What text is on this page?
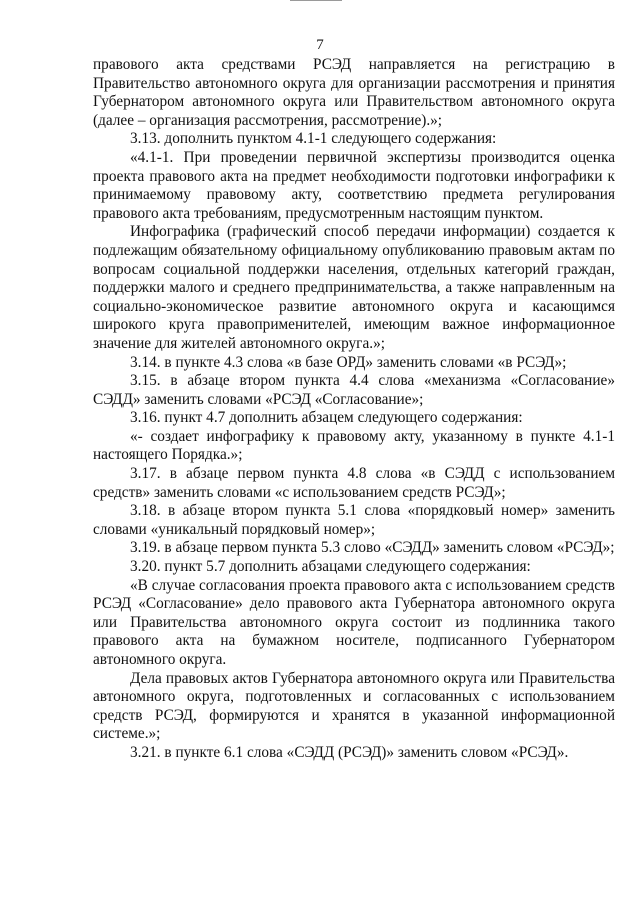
7

правового акта средствами РСЭД направляется на регистрацию в Правительство автономного округа для организации рассмотрения и принятия Губернатором автономного округа или Правительством автономного округа (далее – организация рассмотрения, рассмотрение).»;

3.13. дополнить пунктом 4.1-1 следующего содержания:

«4.1-1. При проведении первичной экспертизы производится оценка проекта правового акта на предмет необходимости подготовки инфографики к принимаемому правовому акту, соответствию предмета регулирования правового акта требованиям, предусмотренным настоящим пунктом.

Инфографика (графический способ передачи информации) создается к подлежащим обязательному официальному опубликованию правовым актам по вопросам социальной поддержки населения, отдельных категорий граждан, поддержки малого и среднего предпринимательства, а также направленным на социально-экономическое развитие автономного округа и касающимся широкого круга правоприменителей, имеющим важное информационное значение для жителей автономного округа.»;

3.14. в пункте 4.3 слова «в базе ОРД» заменить словами «в РСЭД»;

3.15. в абзаце втором пункта 4.4 слова «механизма «Согласование» СЭДД» заменить словами «РСЭД «Согласование»;

3.16. пункт 4.7 дополнить абзацем следующего содержания:

«- создает инфографику к правовому акту, указанному в пункте 4.1-1 настоящего Порядка.»;

3.17. в абзаце первом пункта 4.8 слова «в СЭДД с использованием средств» заменить словами «с использованием средств РСЭД»;

3.18. в абзаце втором пункта 5.1 слова «порядковый номер» заменить словами «уникальный порядковый номер»;

3.19. в абзаце первом пункта 5.3 слово «СЭДД» заменить словом «РСЭД»;

3.20. пункт 5.7 дополнить абзацами следующего содержания:

«В случае согласования проекта правового акта с использованием средств РСЭД «Согласование» дело правового акта Губернатора автономного округа или Правительства автономного округа состоит из подлинника такого правового акта на бумажном носителе, подписанного Губернатором автономного округа.

Дела правовых актов Губернатора автономного округа или Правительства автономного округа, подготовленных и согласованных с использованием средств РСЭД, формируются и хранятся в указанной информационной системе.»;

3.21. в пункте 6.1 слова «СЭДД (РСЭД)» заменить словом «РСЭД».
